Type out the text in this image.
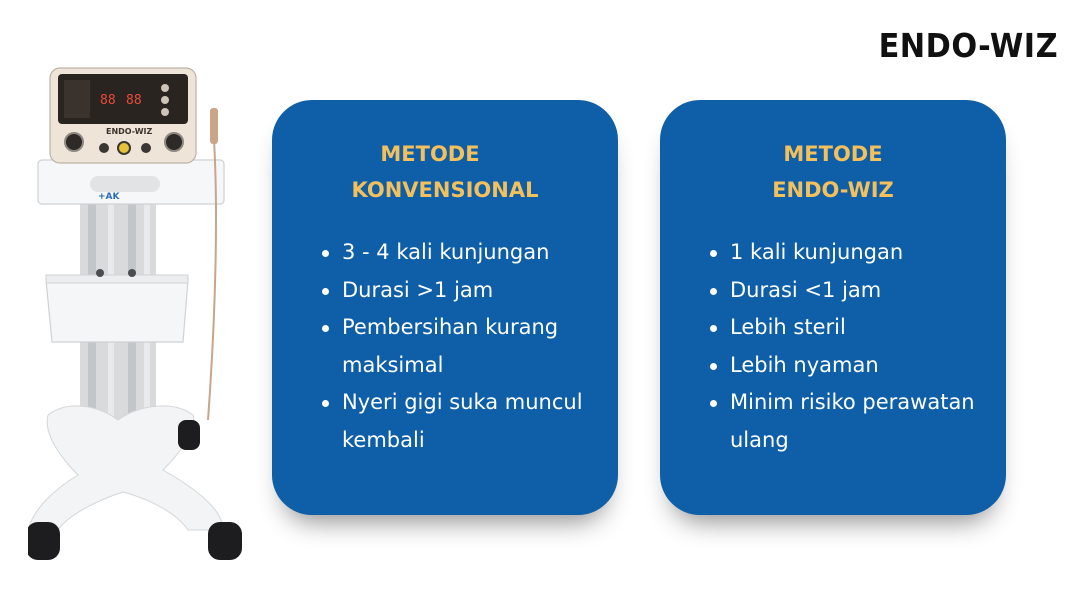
ENDO-WIZ
+AK
88 88
ENDO-WIZ
METODE
KONVENSIONAL
3 - 4 kali kunjungan
Durasi >1 jam
Pembersihan kurang maksimal
Nyeri gigi suka muncul kembali
METODE
ENDO-WIZ
1 kali kunjungan
Durasi <1 jam
Lebih steril
Lebih nyaman
Minim risiko perawatan ulang
